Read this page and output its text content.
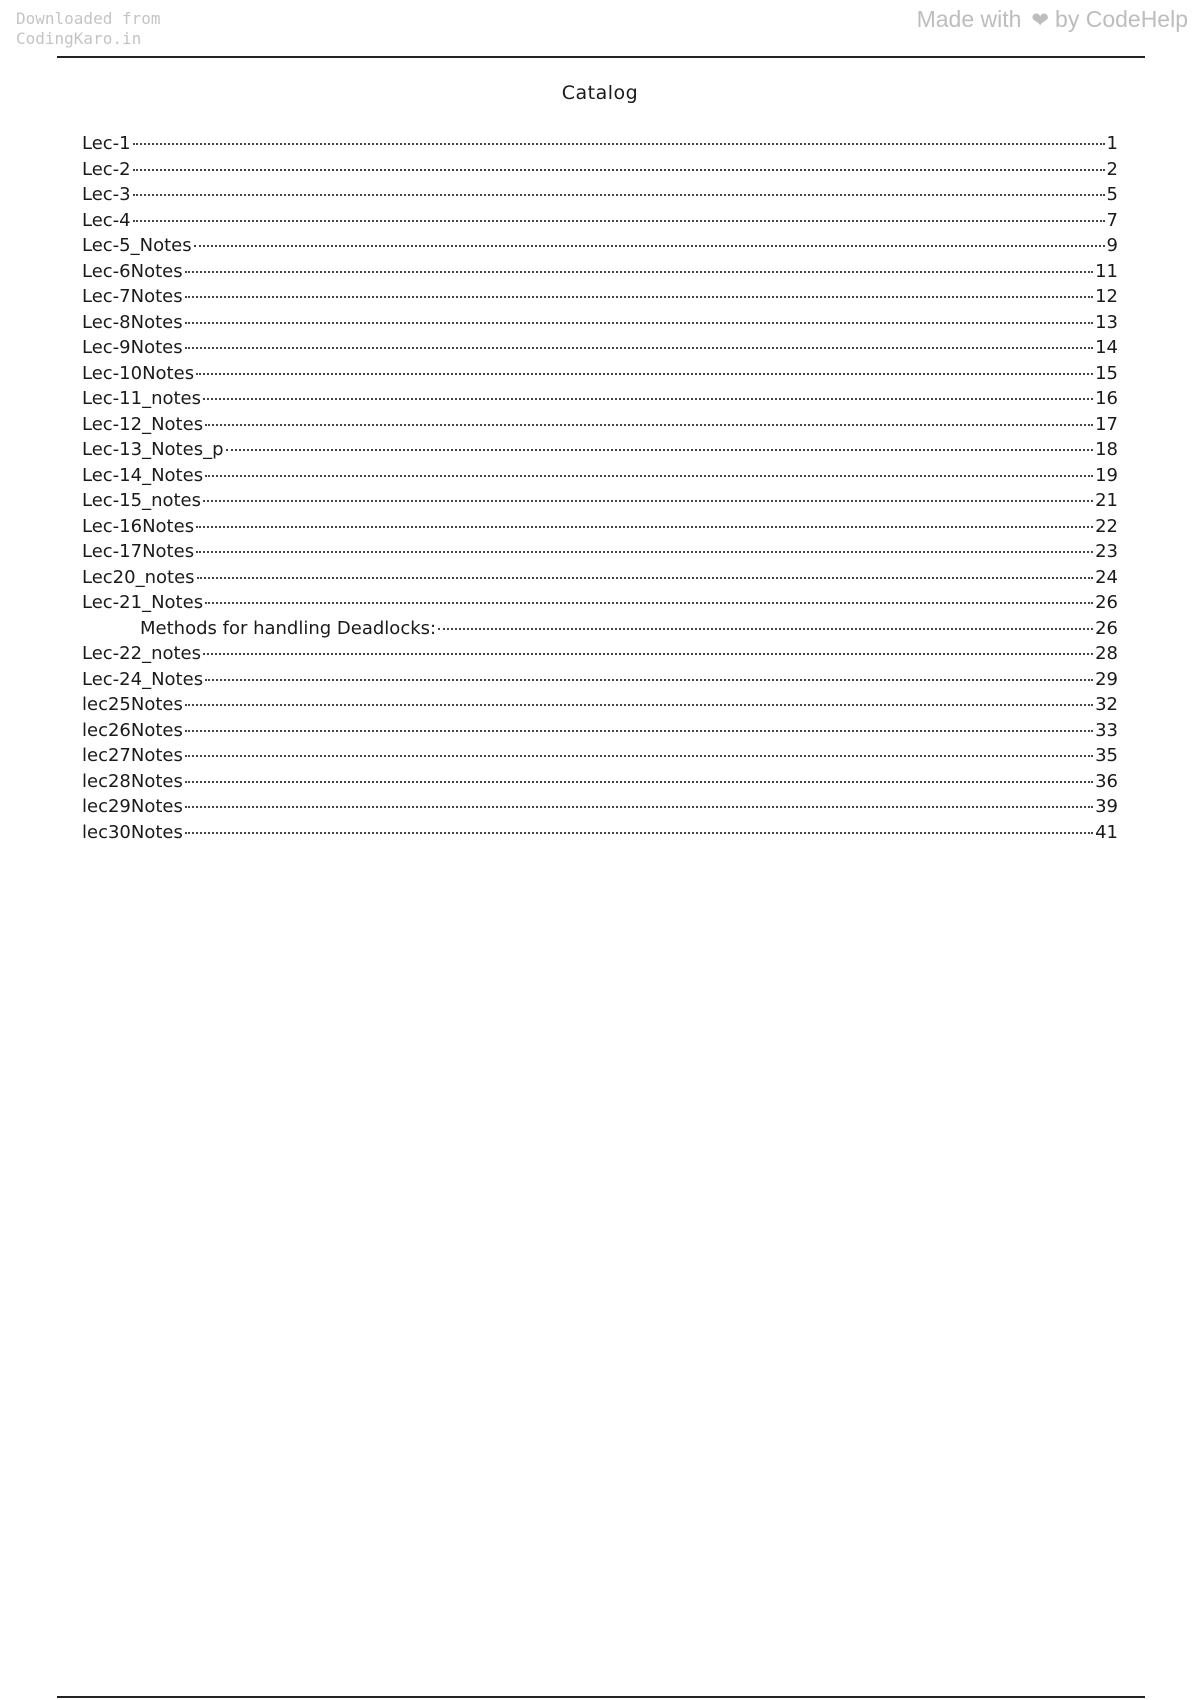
Downloaded from
CodingKaro.in
Made with ❤ by CodeHelp
Catalog
Lec-1	1
Lec-2	2
Lec-3	5
Lec-4	7
Lec-5_Notes	9
Lec-6Notes	11
Lec-7Notes	12
Lec-8Notes	13
Lec-9Notes	14
Lec-10Notes	15
Lec-11_notes	16
Lec-12_Notes	17
Lec-13_Notes_p	18
Lec-14_Notes	19
Lec-15_notes	21
Lec-16Notes	22
Lec-17Notes	23
Lec20_notes	24
Lec-21_Notes	26
Methods for handling Deadlocks:	26
Lec-22_notes	28
Lec-24_Notes	29
lec25Notes	32
lec26Notes	33
lec27Notes	35
lec28Notes	36
lec29Notes	39
lec30Notes	41
